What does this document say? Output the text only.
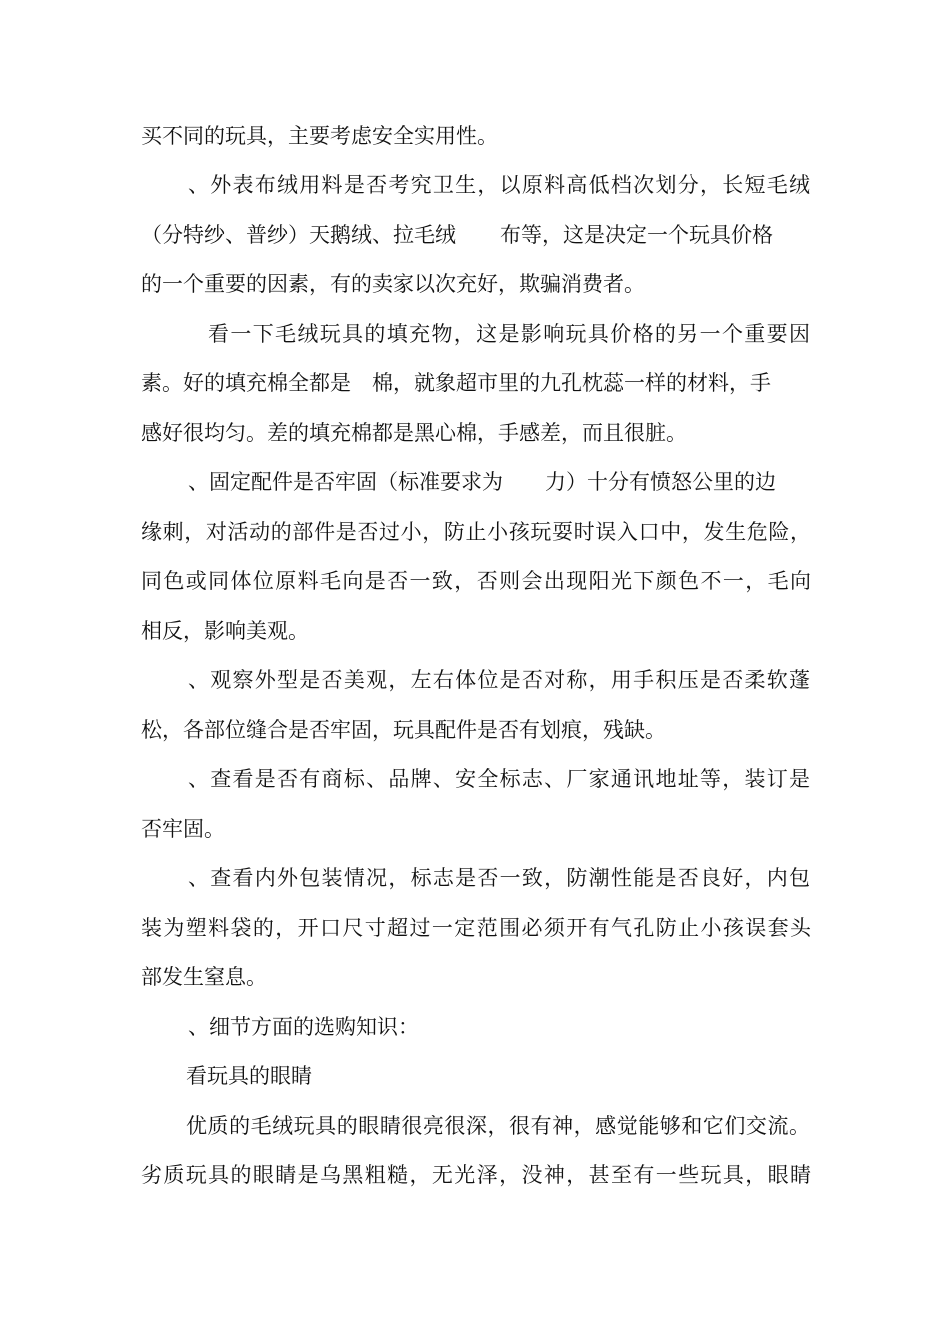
买不同的玩具，主要考虑安全实用性。
、外表布绒用料是否考究卫生，以原料高低档次划分，长短毛绒
（分特纱、普纱）天鹅绒、拉毛绒 布等，这是决定一个玩具价格
的一个重要的因素，有的卖家以次充好，欺骗消费者。
看一下毛绒玩具的填充物，这是影响玩具价格的另一个重要因
素。好的填充棉全都是 棉，就象超市里的九孔枕蕊一样的材料，手
感好很均匀。差的填充棉都是黑心棉，手感差，而且很脏。
、固定配件是否牢固（标准要求为 力）十分有愤怒公里的边
缘刺，对活动的部件是否过小，防止小孩玩耍时误入口中，发生危险，
同色或同体位原料毛向是否一致，否则会出现阳光下颜色不一，毛向
相反，影响美观。
、观察外型是否美观，左右体位是否对称，用手积压是否柔软蓬
松，各部位缝合是否牢固，玩具配件是否有划痕，残缺。
、查看是否有商标、品牌、安全标志、厂家通讯地址等，装订是
否牢固。
、查看内外包装情况，标志是否一致，防潮性能是否良好，内包
装为塑料袋的，开口尺寸超过一定范围必须开有气孔防止小孩误套头
部发生窒息。
、细节方面的选购知识：
看玩具的眼睛
优质的毛绒玩具的眼睛很亮很深，很有神，感觉能够和它们交流。
劣质玩具的眼睛是乌黑粗糙，无光泽，没神，甚至有一些玩具，眼睛
